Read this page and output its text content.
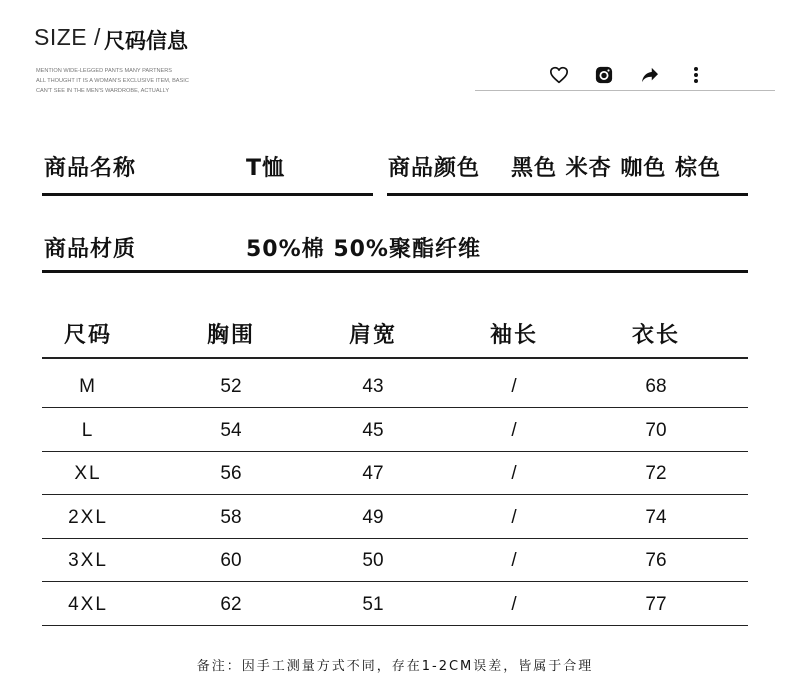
SIZE / 尺码信息
MENTION WIDE-LEGGED PANTS MANY PARTNERS
ALL THOUGHT IT IS A WOMAN'S EXCLUSIVE ITEM, BASIC
CAN'T SEE IN THE MEN'S WARDROBE, ACTUALLY
商品名称	T恤	商品颜色 黑色 米杏 咖色 棕色
商品材质	50%棉 50%聚酯纤维
尺码	胸围	肩宽	袖长	衣长
M	52	43	/	68
L	54	45	/	70
XL	56	47	/	72
2XL	58	49	/	74
3XL	60	50	/	76
4XL	62	51	/	77
备注：因手工测量方式不同，存在1-2CM误差，皆属于合理
